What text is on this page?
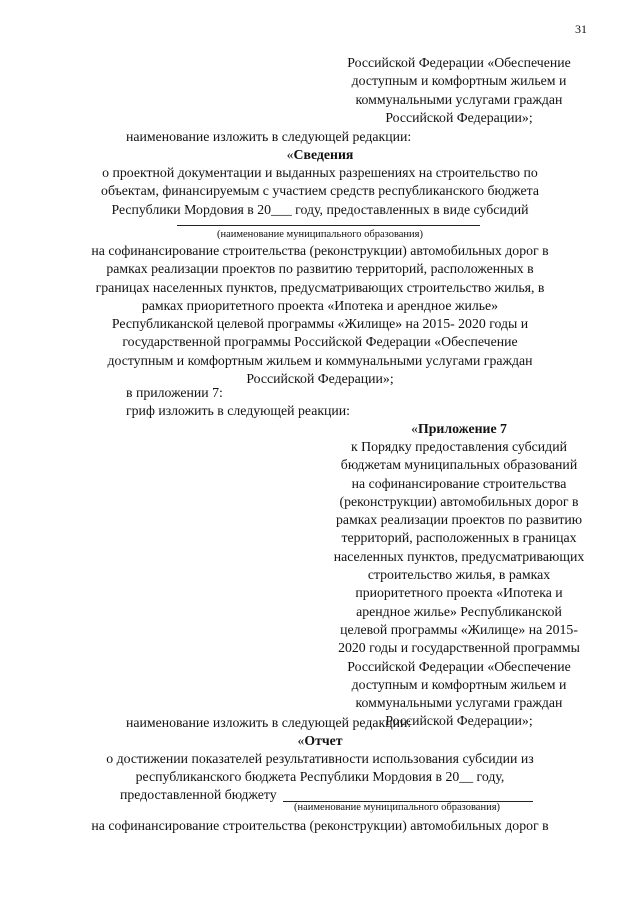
31
Российской Федерации «Обеспечение
доступным и комфортным жильем и
коммунальными услугами граждан
Российской Федерации»;
наименование изложить в следующей редакции:
«Сведения
о проектной документации и выданных разрешениях на строительство по
объектам, финансируемым с участием средств республиканского бюджета
Республики Мордовия в 20___ году, предоставленных в виде субсидий
(наименование муниципального образования)
на софинансирование строительства (реконструкции) автомобильных дорог в
рамках реализации проектов по развитию территорий, расположенных в
границах населенных пунктов, предусматривающих строительство жилья, в
рамках приоритетного проекта «Ипотека и арендное жилье»
Республиканской целевой программы «Жилище» на 2015- 2020 годы и
государственной программы Российской Федерации «Обеспечение
доступным и комфортным жильем и коммунальными услугами граждан
Российской Федерации»;
в приложении 7:
гриф изложить в следующей реакции:
«Приложение 7
к Порядку предоставления субсидий
бюджетам муниципальных образований
на софинансирование строительства
(реконструкции) автомобильных дорог в
рамках реализации проектов по развитию
территорий, расположенных в границах
населенных пунктов, предусматривающих
строительство жилья, в рамках
приоритетного проекта «Ипотека и
арендное жилье» Республиканской
целевой программы «Жилище» на 2015-
2020 годы и государственной программы
Российской Федерации «Обеспечение
доступным и комфортным жильем и
коммунальными услугами граждан
Российской Федерации»;
наименование изложить в следующей редакции:
«Отчет
о достижении показателей результативности использования субсидии из
республиканского бюджета Республики Мордовия в 20__ году,
предоставленной бюджету
(наименование муниципального образования)
на софинансирование строительства (реконструкции) автомобильных дорог в
